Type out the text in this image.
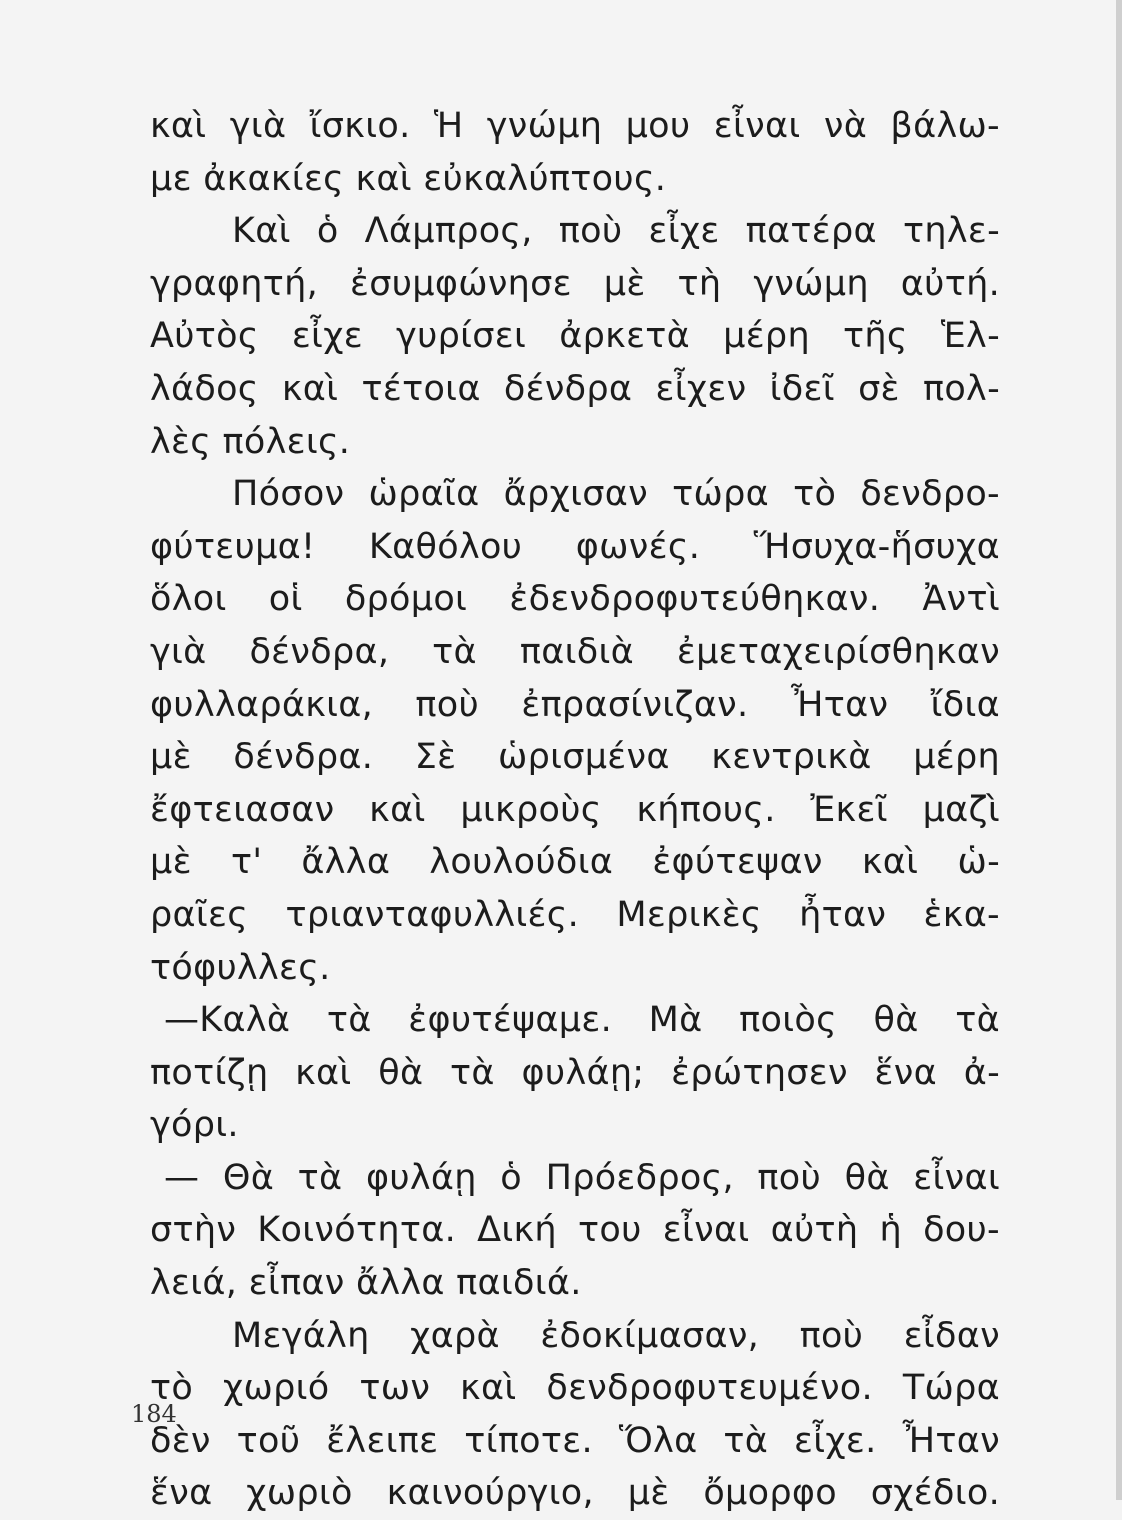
καὶ γιὰ ἴσκιο. Ἡ γνώμη μου εἶναι νὰ βάλω-
με ἀκακίες καὶ εὐκαλύπτους.
Καὶ ὁ Λάμπρος, ποὺ εἶχε πατέρα τηλε-
γραφητή, ἐσυμφώνησε μὲ τὴ γνώμη αὐτή.
Αὐτὸς εἶχε γυρίσει ἀρκετὰ μέρη τῆς Ἑλ-
λάδος καὶ τέτοια δένδρα εἶχεν ἰδεῖ σὲ πολ-
λὲς πόλεις.
Πόσον ὡραῖα ἄρχισαν τώρα τὸ δενδρο-
φύτευμα! Καθόλου φωνές. Ἥσυχα-ἥσυχα
ὅλοι οἱ δρόμοι ἐδενδροφυτεύθηκαν. Ἀντὶ
γιὰ δένδρα, τὰ παιδιὰ ἐμεταχειρίσθηκαν
φυλλαράκια, ποὺ ἐπρασίνιζαν. Ἦταν ἴδια
μὲ δένδρα. Σὲ ὡρισμένα κεντρικὰ μέρη
ἔφτειασαν καὶ μικροὺς κήπους. Ἐκεῖ μαζὶ
μὲ τ' ἄλλα λουλούδια ἐφύτεψαν καὶ ὡ-
ραῖες τριανταφυλλιές. Μερικὲς ἦταν ἑκα-
τόφυλλες.
—Καλὰ τὰ ἐφυτέψαμε. Μὰ ποιὸς θὰ τὰ
ποτίζῃ καὶ θὰ τὰ φυλάῃ; ἐρώτησεν ἕνα ἀ-
γόρι.
— Θὰ τὰ φυλάῃ ὁ Πρόεδρος, ποὺ θὰ εἶναι
στὴν Κοινότητα. Δική του εἶναι αὐτὴ ἡ δου-
λειά, εἶπαν ἄλλα παιδιά.
Μεγάλη χαρὰ ἐδοκίμασαν, ποὺ εἶδαν
τὸ χωριό των καὶ δενδροφυτευμένο. Τώρα
δὲν τοῦ ἔλειπε τίποτε. Ὅλα τὰ εἶχε. Ἦταν
ἕνα χωριὸ καινούργιο, μὲ ὄμορφο σχέδιο.
184
